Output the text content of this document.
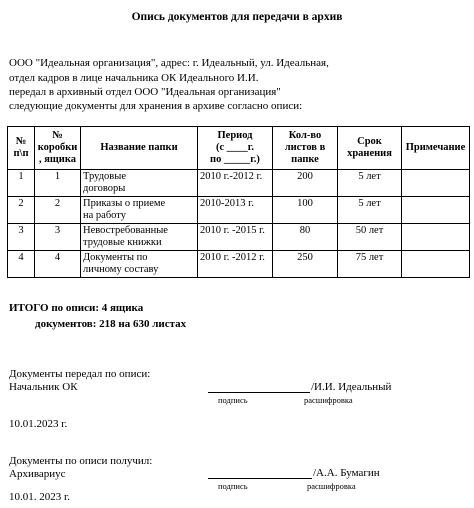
Опись документов для передачи в архив
ООО "Идеальная организация", адрес: г. Идеальный, ул. Идеальная,
отдел кадров в лице начальника ОК Идеального И.И.
передал в архивный отдел ООО "Идеальная организация"
следующие документы для хранения в архиве согласно описи:
№
п\п	№
коробки
, ящика	Название папки	Период
(с ____г.
по _____г.)	Кол-во
листов в
папке	Срок
хранения	Примечание
1	1	Трудовые
договоры	2010 г.-2012 г.	200	5 лет	
2	2	Приказы о приеме
на работу	2010-2013 г.	100	5 лет	
3	3	Невостребованные
трудовые книжки	2010 г. -2015 г.	80	50 лет	
4	4	Документы по
личному составу	2010 г. -2012 г.	250	75 лет	
ИТОГО по описи: 4 ящика
документов: 218 на 630 листах
Документы передал по описи:
Начальник ОК	/И.И. Идеальный
подпись	расшифровка
10.01.2023 г.
Документы по описи получил:
Архивариус	/А.А. Бумагин
подпись	расшифровка
10.01. 2023 г.
